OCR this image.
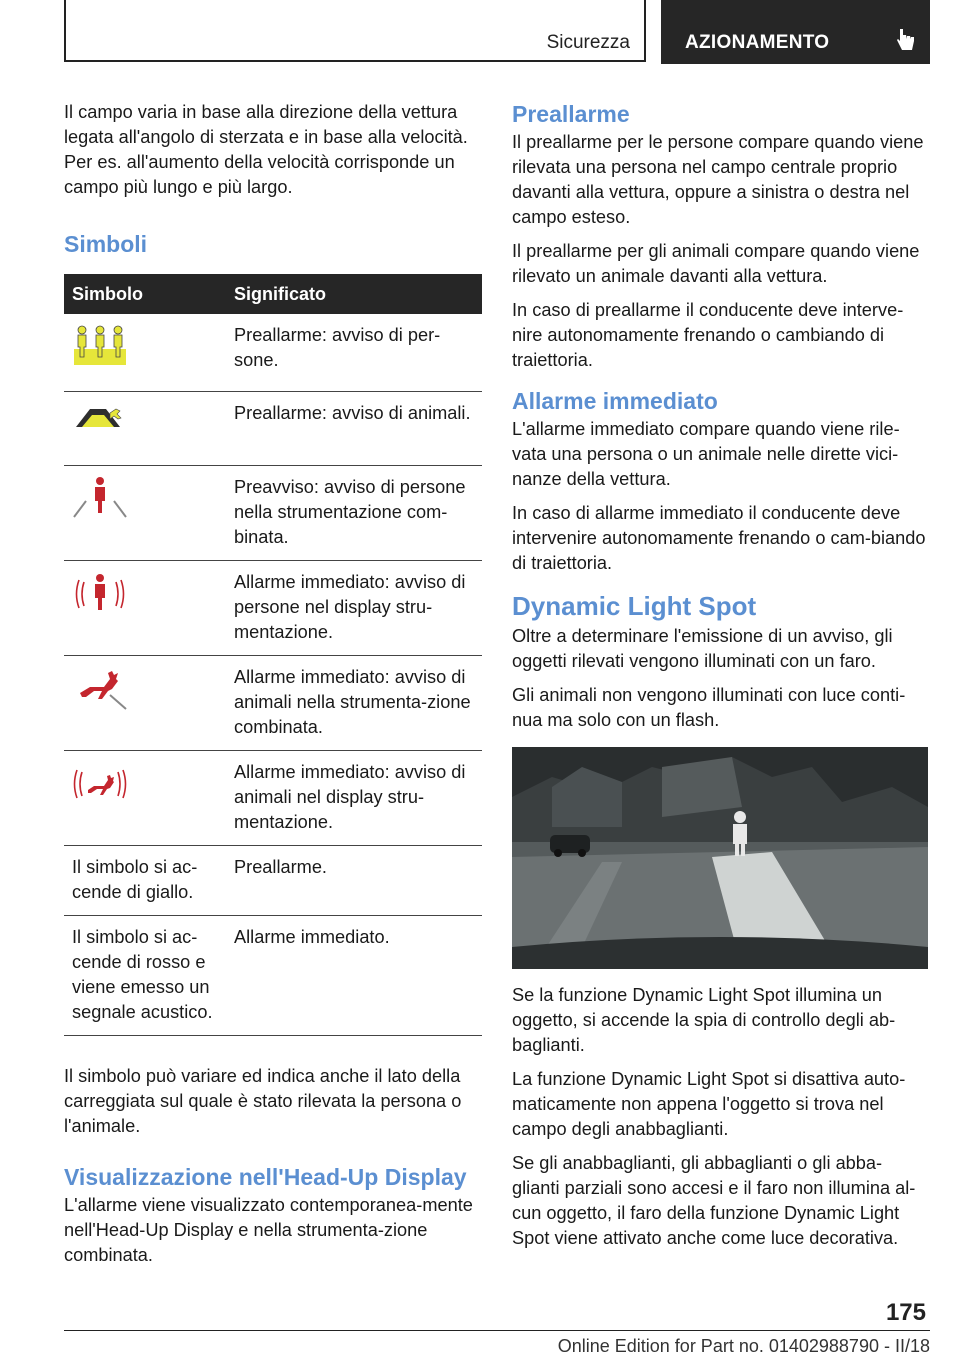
Sicurezza	AZIONAMENTO

Il campo varia in base alla direzione della vettura legata all'angolo di sterzata e in base alla velocità. Per es. all'aumento della velocità corrisponde un campo più lungo e più largo.

Simboli
Simbolo	Significato

	Preallarme: avviso di per-sone.

	Preallarme: avviso di animali.

	Preavviso: avviso di persone nella strumentazione com-binata.

	Allarme immediato: avviso di persone nel display stru-mentazione.

	Allarme immediato: avviso di animali nella strumenta-zione combinata.

	Allarme immediato: avviso di animali nel display stru-mentazione.
Il simbolo si ac-cende di giallo.	Preallarme.
Il simbolo si ac-cende di rosso e viene emesso un segnale acustico.	Allarme immediato.

Il simbolo può variare ed indica anche il lato della carreggiata sul quale è stato rilevata la persona o l'animale.

Visualizzazione nell'Head-Up Display

L'allarme viene visualizzato contemporanea-mente nell'Head-Up Display e nella strumenta-zione combinata.

Preallarme

Il preallarme per le persone compare quando viene rilevata una persona nel campo centrale proprio davanti alla vettura, oppure a sinistra o destra nel campo esteso.

Il preallarme per gli animali compare quando viene rilevato un animale davanti alla vettura.

In caso di preallarme il conducente deve interve-nire autonomamente frenando o cambiando di traiettoria.

Allarme immediato

L'allarme immediato compare quando viene rile-vata una persona o un animale nelle dirette vici-nanze della vettura.

In caso di allarme immediato il conducente deve intervenire autonomamente frenando o cam-biando di traiettoria.

Dynamic Light Spot

Oltre a determinare l'emissione di un avviso, gli oggetti rilevati vengono illuminati con un faro.

Gli animali non vengono illuminati con luce conti-nua ma solo con un flash.

Se la funzione Dynamic Light Spot illumina un oggetto, si accende la spia di controllo degli ab-baglianti.

La funzione Dynamic Light Spot si disattiva auto-maticamente non appena l'oggetto si trova nel campo degli anabbaglianti.

Se gli anabbaglianti, gli abbaglianti o gli abba-glianti parziali sono accesi e il faro non illumina al-cun oggetto, il faro della funzione Dynamic Light Spot viene attivato anche come luce decorativa.

175
Online Edition for Part no. 01402988790 - II/18
